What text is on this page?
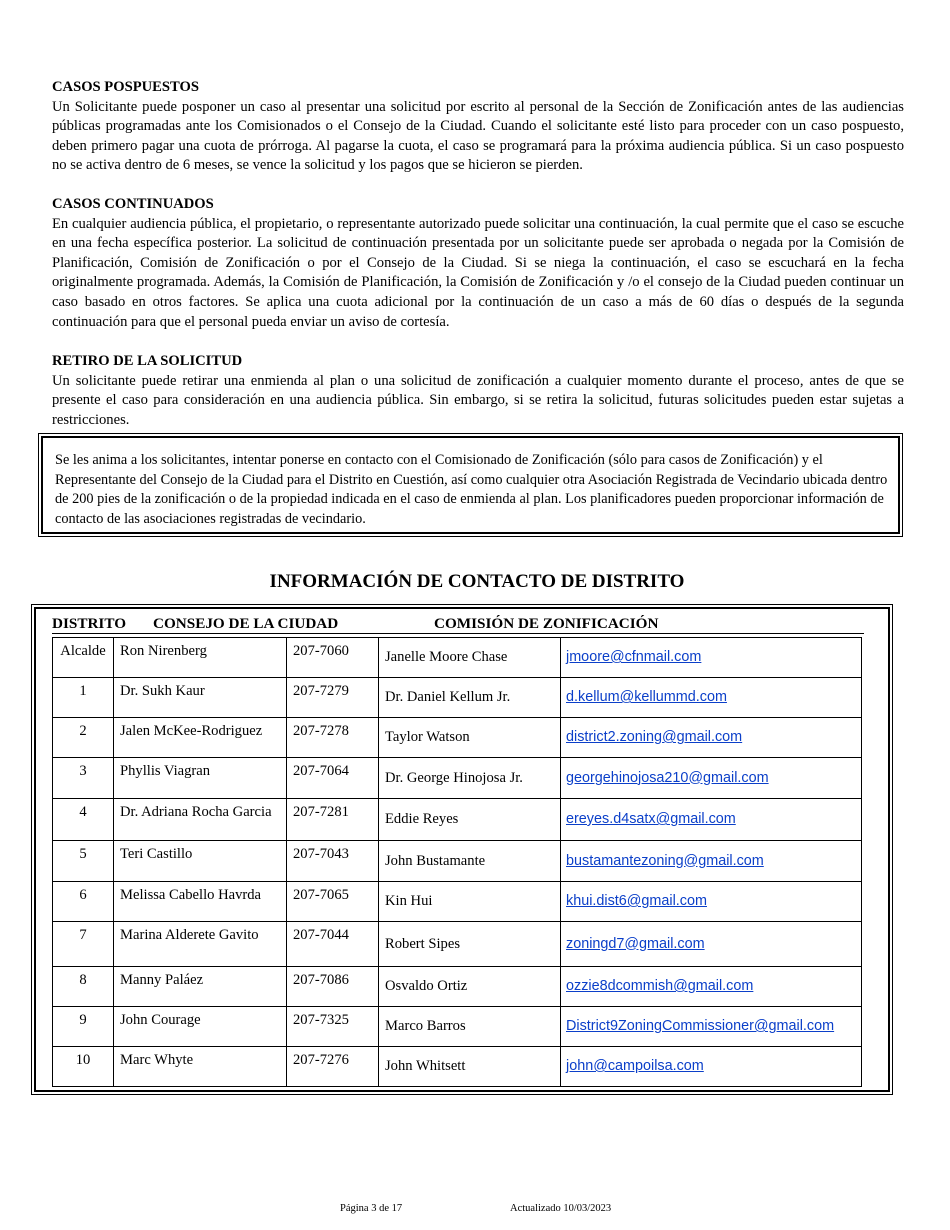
CASOS POSPUESTOS

Un Solicitante puede posponer un caso al presentar una solicitud por escrito al personal de la Sección de Zonificación antes de las audiencias públicas programadas ante los Comisionados o el Consejo de la Ciudad. Cuando el solicitante esté listo para proceder con un caso pospuesto, deben primero pagar una cuota de prórroga. Al pagarse la cuota, el caso se programará para la próxima audiencia pública. Si un caso pospuesto no se activa dentro de 6 meses, se vence la solicitud y los pagos que se hicieron se pierden.

CASOS CONTINUADOS

En cualquier audiencia pública, el propietario, o representante autorizado puede solicitar una continuación, la cual permite que el caso se escuche en una fecha específica posterior. La solicitud de continuación presentada por un solicitante puede ser aprobada o negada por la Comisión de Planificación, Comisión de Zonificación o por el Consejo de la Ciudad. Si se niega la continuación, el caso se escuchará en la fecha originalmente programada. Además, la Comisión de Planificación, la Comisión de Zonificación y /o el consejo de la Ciudad pueden continuar un caso basado en otros factores. Se aplica una cuota adicional por la continuación de un caso a más de 60 días o después de la segunda continuación para que el personal pueda enviar un aviso de cortesía.

RETIRO DE LA SOLICITUD

Un solicitante puede retirar una enmienda al plan o una solicitud de zonificación a cualquier momento durante el proceso, antes de que se presente el caso para consideración en una audiencia pública. Sin embargo, si se retira la solicitud, futuras solicitudes pueden estar sujetas a restricciones.

Se les anima a los solicitantes, intentar ponerse en contacto con el Comisionado de Zonificación (sólo para casos de Zonificación) y el Representante del Consejo de la Ciudad para el Distrito en Cuestión, así como cualquier otra Asociación Registrada de Vecindario ubicada dentro de 200 pies de la zonificación o de la propiedad indicada en el caso de enmienda al plan. Los planificadores pueden proporcionar información de contacto de las asociaciones registradas de vecindario.
INFORMACIÓN DE CONTACTO DE DISTRITO
DISTRITO CONSEJO DE LA CIUDAD	COMISIÓN DE ZONIFICACIÓN
Alcalde	Ron Nirenberg	207-7060	Janelle Moore Chase	jmoore@cfnmail.com
1	Dr. Sukh Kaur	207-7279	Dr. Daniel Kellum Jr.	d.kellum@kellummd.com
2	Jalen McKee-Rodriguez	207-7278	Taylor Watson	district2.zoning@gmail.com
3	Phyllis Viagran	207-7064	Dr. George Hinojosa Jr.	georgehinojosa210@gmail.com
4	Dr. Adriana Rocha Garcia	207-7281	Eddie Reyes	ereyes.d4satx@gmail.com
5	Teri Castillo	207-7043	John Bustamante	bustamantezoning@gmail.com
6	Melissa Cabello Havrda	207-7065	Kin Hui	khui.dist6@gmail.com
7	Marina Alderete Gavito	207-7044	Robert Sipes	zoningd7@gmail.com
8	Manny Paláez	207-7086	Osvaldo Ortiz	ozzie8dcommish@gmail.com
9	John Courage	207-7325	Marco Barros	District9ZoningCommissioner@gmail.com
10	Marc Whyte	207-7276	John Whitsett	john@campoilsa.com
Página 3 de 17	Actualizado 10/03/2023
